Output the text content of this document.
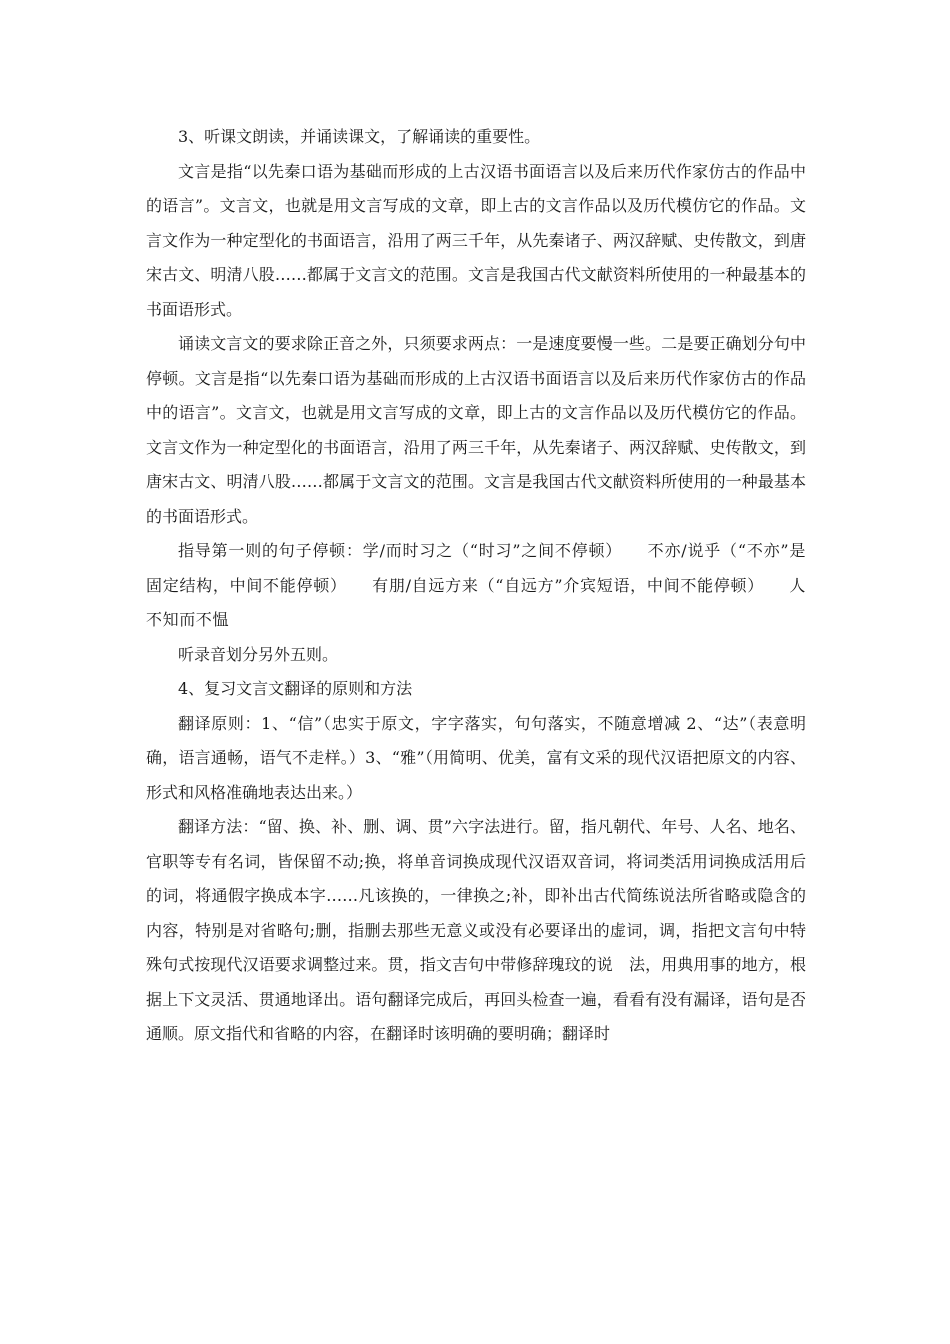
3、听课文朗读，并诵读课文，了解诵读的重要性。

文言是指“以先秦口语为基础而形成的上古汉语书面语言以及后来历代作家仿古的作品中的语言”。文言文，也就是用文言写成的文章，即上古的文言作品以及历代模仿它的作品。文言文作为一种定型化的书面语言，沿用了两三千年，从先秦诸子、两汉辞赋、史传散文，到唐宋古文、明清八股……都属于文言文的范围。文言是我国古代文献资料所使用的一种最基本的书面语形式。

诵读文言文的要求除正音之外，只须要求两点：一是速度要慢一些。二是要正确划分句中停顿。文言是指“以先秦口语为基础而形成的上古汉语书面语言以及后来历代作家仿古的作品中的语言”。文言文，也就是用文言写成的文章，即上古的文言作品以及历代模仿它的作品。文言文作为一种定型化的书面语言，沿用了两三千年，从先秦诸子、两汉辞赋、史传散文，到唐宋古文、明清八股……都属于文言文的范围。文言是我国古代文献资料所使用的一种最基本的书面语形式。

指导第一则的句子停顿：学/而时习之（“时习”之间不停顿）　　不亦/说乎（“不亦”是固定结构，中间不能停顿）　　有朋/自远方来（“自远方”介宾短语，中间不能停顿）　　人不知而不愠

听录音划分另外五则。

4、复习文言文翻译的原则和方法

翻译原则：1、“信”（忠实于原文，字字落实，句句落实，不随意增减 2、“达”（表意明确，语言通畅，语气不走样。）3、“雅”（用简明、优美，富有文采的现代汉语把原文的内容、形式和风格准确地表达出来。）

翻译方法：“留、换、补、删、调、贯”六字法进行。留，指凡朝代、年号、人名、地名、官职等专有名词，皆保留不动;换，将单音词换成现代汉语双音词，将词类活用词换成活用后的词，将通假字换成本字……凡该换的，一律换之;补，即补出古代简练说法所省略或隐含的内容，特别是对省略句;删，指删去那些无意义或没有必要译出的虚词，调，指把文言句中特殊句式按现代汉语要求调整过来。贯，指文吉句中带修辞瑰玟的说　法，用典用事的地方，根据上下文灵活、贯通地译出。语句翻译完成后，再回头检查一遍，看看有没有漏译，语句是否通顺。原文指代和省略的内容，在翻译时该明确的要明确；翻译时
